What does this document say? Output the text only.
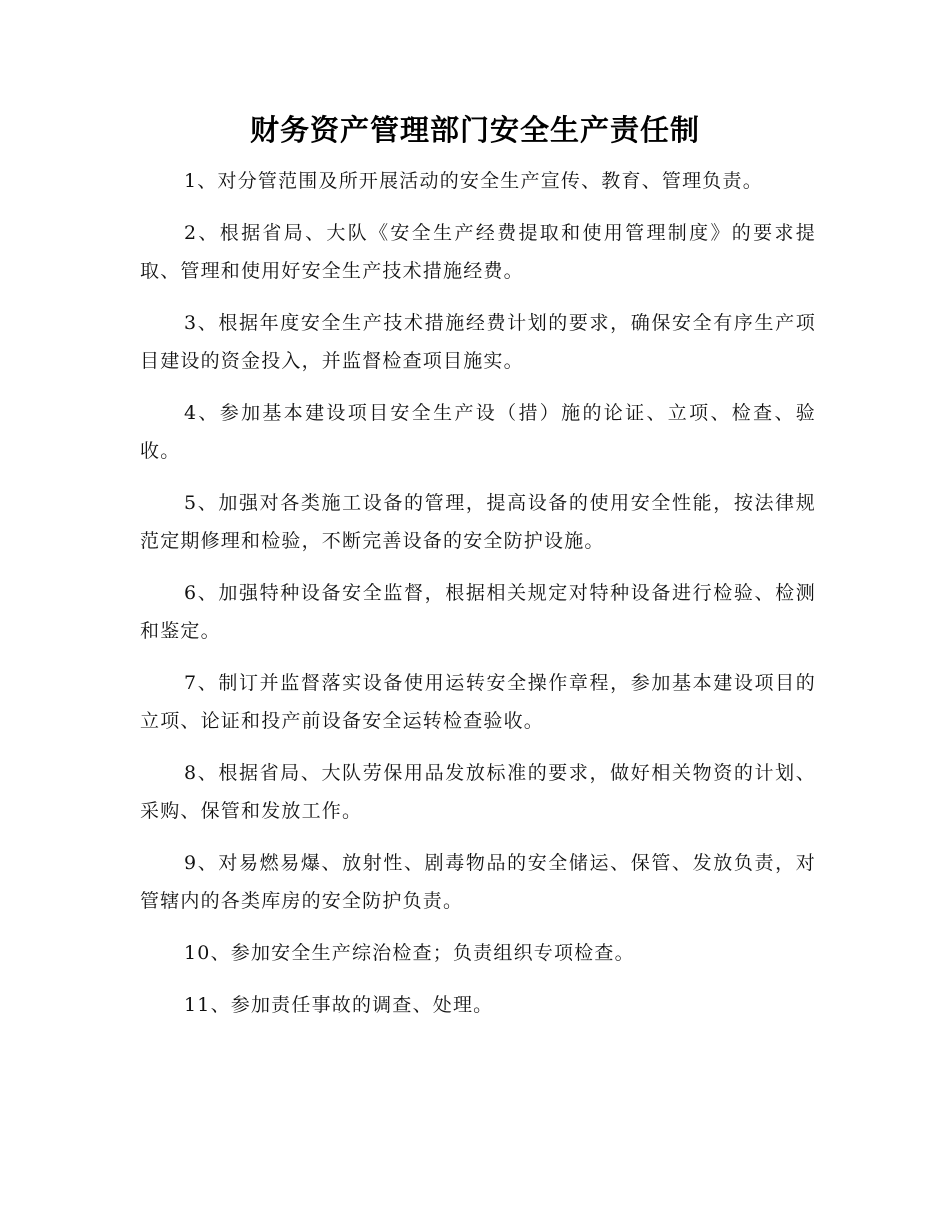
财务资产管理部门安全生产责任制

1、对分管范围及所开展活动的安全生产宣传、教育、管理负责。

2、根据省局、大队《安全生产经费提取和使用管理制度》的要求提取、管理和使用好安全生产技术措施经费。

3、根据年度安全生产技术措施经费计划的要求，确保安全有序生产项目建设的资金投入，并监督检查项目施实。

4、参加基本建设项目安全生产设（措）施的论证、立项、检查、验收。

5、加强对各类施工设备的管理，提高设备的使用安全性能，按法律规范定期修理和检验，不断完善设备的安全防护设施。

6、加强特种设备安全监督，根据相关规定对特种设备进行检验、检测和鉴定。

7、制订并监督落实设备使用运转安全操作章程，参加基本建设项目的立项、论证和投产前设备安全运转检查验收。

8、根据省局、大队劳保用品发放标准的要求，做好相关物资的计划、采购、保管和发放工作。

9、对易燃易爆、放射性、剧毒物品的安全储运、保管、发放负责，对管辖内的各类库房的安全防护负责。

10、参加安全生产综治检查；负责组织专项检查。

11、参加责任事故的调查、处理。
